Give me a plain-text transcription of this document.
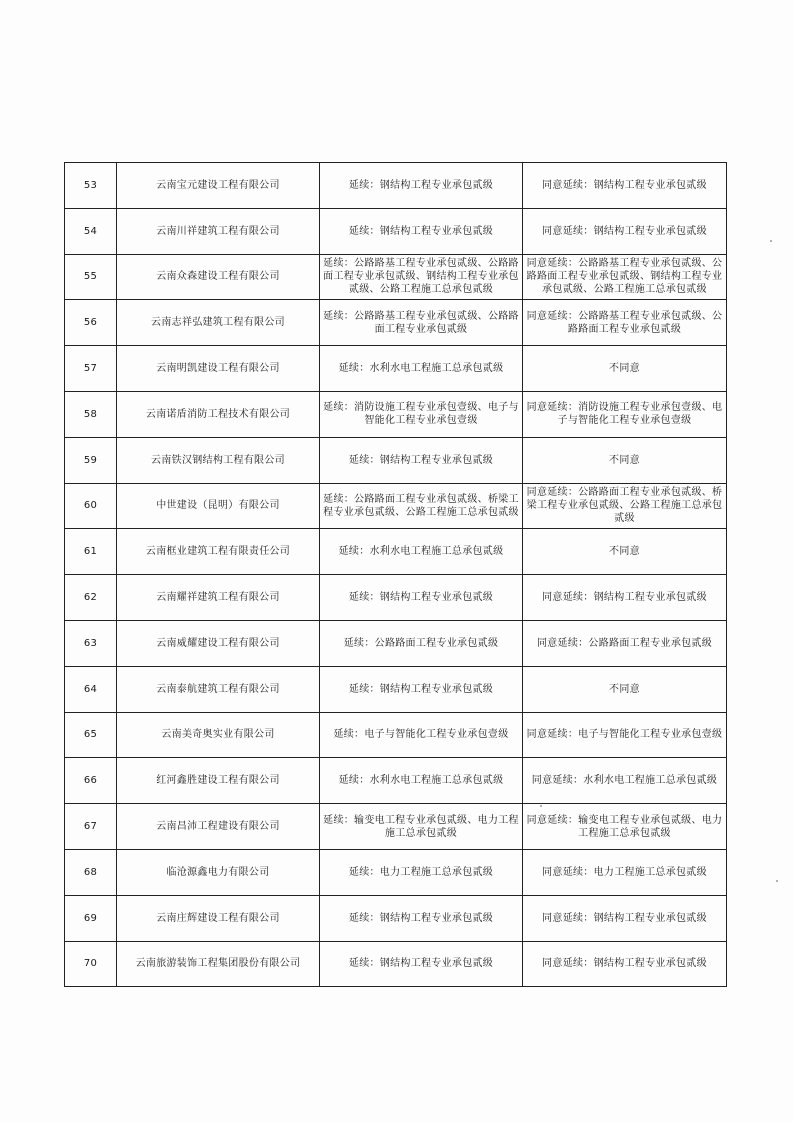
53	云南宝元建设工程有限公司	延续：钢结构工程专业承包贰级	同意延续：钢结构工程专业承包贰级
54	云南川祥建筑工程有限公司	延续：钢结构工程专业承包贰级	同意延续：钢结构工程专业承包贰级
55	云南众森建设工程有限公司	延续：公路路基工程专业承包贰级、公路路面工程专业承包贰级、钢结构工程专业承包贰级、公路工程施工总承包贰级	同意延续：公路路基工程专业承包贰级、公路路面工程专业承包贰级、钢结构工程专业承包贰级、公路工程施工总承包贰级
56	云南志祥弘建筑工程有限公司	延续：公路路基工程专业承包贰级、公路路面工程专业承包贰级	同意延续：公路路基工程专业承包贰级、公路路面工程专业承包贰级
57	云南明凯建设工程有限公司	延续：水利水电工程施工总承包贰级	不同意
58	云南诺盾消防工程技术有限公司	延续：消防设施工程专业承包壹级、电子与智能化工程专业承包壹级	同意延续：消防设施工程专业承包壹级、电子与智能化工程专业承包壹级
59	云南铁汉钢结构工程有限公司	延续：钢结构工程专业承包贰级	不同意
60	中世建设（昆明）有限公司	延续：公路路面工程专业承包贰级、桥梁工程专业承包贰级、公路工程施工总承包贰级	同意延续：公路路面工程专业承包贰级、桥梁工程专业承包贰级、公路工程施工总承包贰级
61	云南框业建筑工程有限责任公司	延续：水利水电工程施工总承包贰级	不同意
62	云南耀祥建筑工程有限公司	延续：钢结构工程专业承包贰级	同意延续：钢结构工程专业承包贰级
63	云南威耀建设工程有限公司	延续：公路路面工程专业承包贰级	同意延续：公路路面工程专业承包贰级
64	云南泰航建筑工程有限公司	延续：钢结构工程专业承包贰级	不同意
65	云南美奇奥实业有限公司	延续：电子与智能化工程专业承包壹级	同意延续：电子与智能化工程专业承包壹级
66	红河鑫胜建设工程有限公司	延续：水利水电工程施工总承包贰级	同意延续：水利水电工程施工总承包贰级
67	云南昌沛工程建设有限公司	延续：输变电工程专业承包贰级、电力工程施工总承包贰级	同意延续：输变电工程专业承包贰级、电力工程施工总承包贰级
68	临沧源鑫电力有限公司	延续：电力工程施工总承包贰级	同意延续：电力工程施工总承包贰级
69	云南庄辉建设工程有限公司	延续：钢结构工程专业承包贰级	同意延续：钢结构工程专业承包贰级
70	云南旅游装饰工程集团股份有限公司	延续：钢结构工程专业承包贰级	同意延续：钢结构工程专业承包贰级
